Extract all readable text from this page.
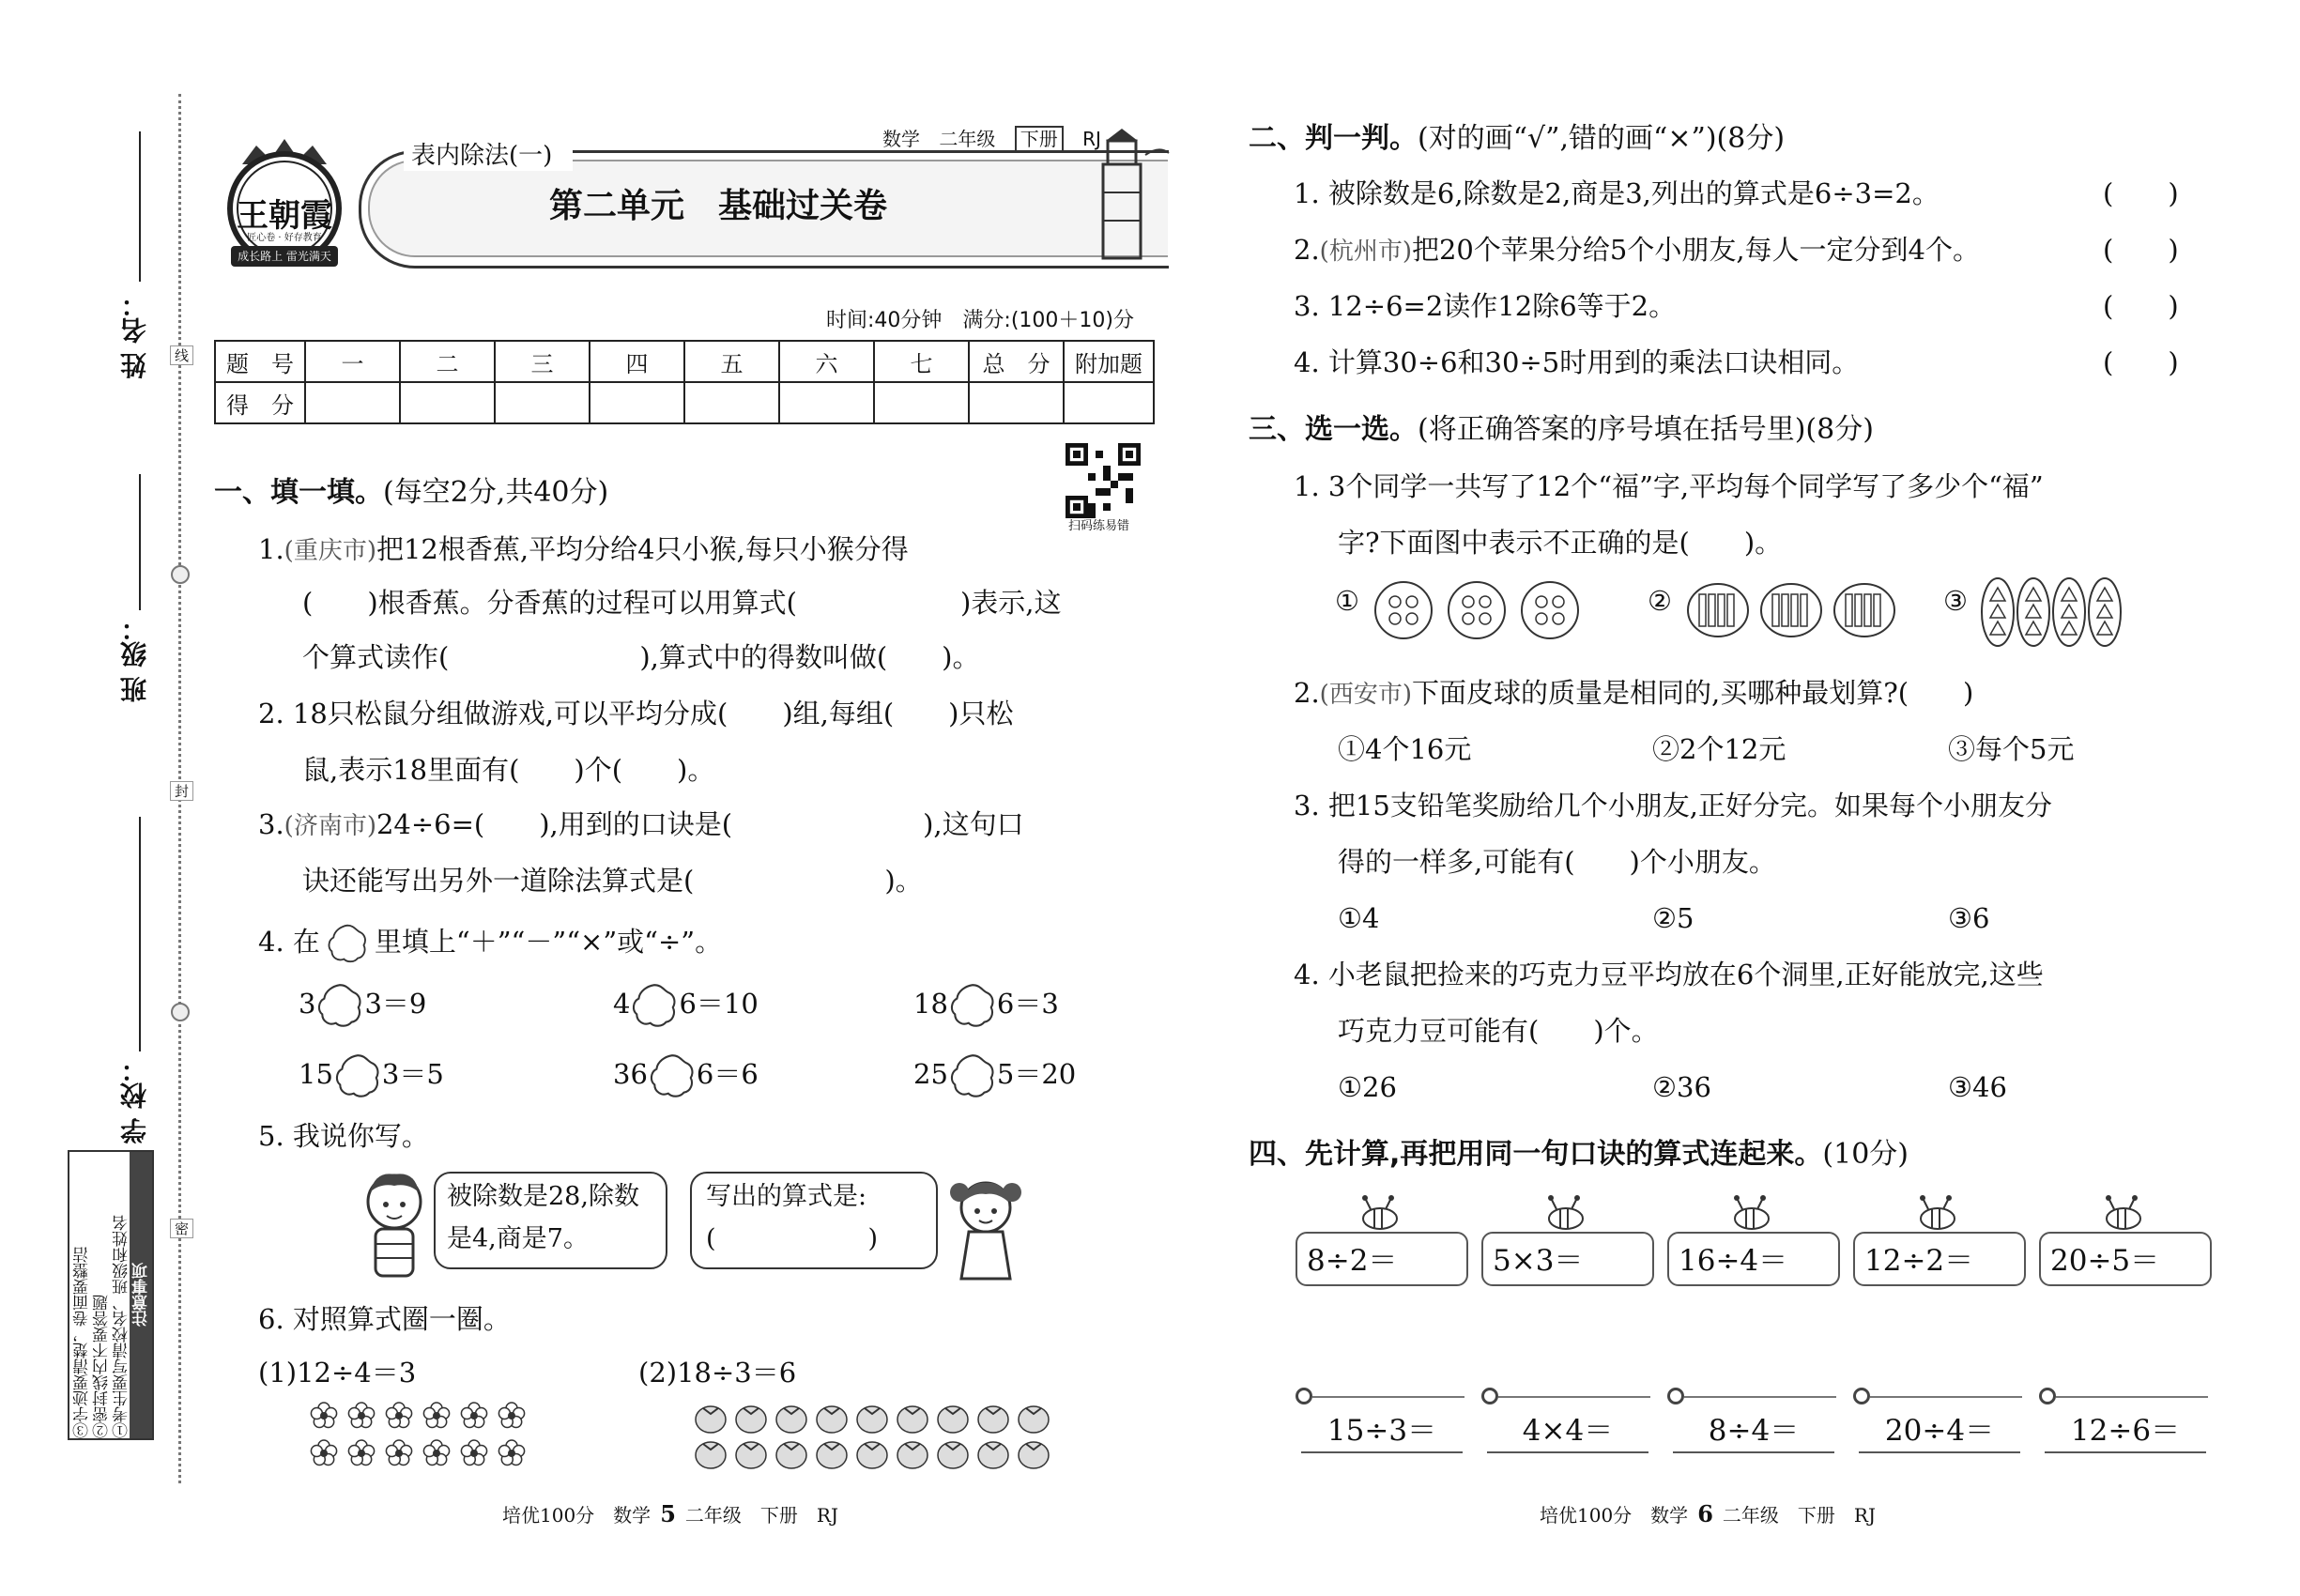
线
封
密
姓 名：
班 级：
学 校：
注意事项
①考生要写清校名、班级和姓名
②密封线内不要答题
③字迹要清楚，卷面要整洁
王朝霞
匠心卷 · 好存教育
成长路上 雷光满天
表内除法(一)
数学 二年级 下册 RJ
第二单元　基础过关卷
时间:40分钟　满分:(100＋10)分
题　号	一	二	三	四	五	六	七	总　分	附加题
得　分									
扫码练易错
一、填一填。(每空2分,共40分)
1.(重庆市)把12根香蕉,平均分给4只小猴,每只小猴分得
(　　)根香蕉。分香蕉的过程可以用算式(　　　　　　)表示,这
个算式读作(　　　　　　　),算式中的得数叫做(　　)。
2. 18只松鼠分组做游戏,可以平均分成(　　)组,每组(　　)只松
鼠,表示18里面有(　　)个(　　)。
3.(济南市)24÷6=(　　),用到的口诀是(　　　　　　　),这句口
诀还能写出另外一道除法算式是(　　　　　　　)。
4. 在 里填上“＋”“－”“×”或“÷”。
3 3＝9	4 6＝10	18 6＝3
15 3＝5	36 6＝6	25 5＝20
5. 我说你写。
被除数是28,除数
是4,商是7。
写出的算式是:
(　　　　　　)
6. 对照算式圈一圈。
(1)12÷4＝3	(2)18÷3＝6
培优100分　数学 5 二年级　下册　RJ
二、判一判。(对的画“√”,错的画“×”)(8分)
1. 被除数是6,除数是2,商是3,列出的算式是6÷3=2。	(　　)
2.(杭州市)把20个苹果分给5个小朋友,每人一定分到4个。	(　　)
3. 12÷6=2读作12除6等于2。	(　　)
4. 计算30÷6和30÷5时用到的乘法口诀相同。	(　　)
三、选一选。(将正确答案的序号填在括号里)(8分)
1. 3个同学一共写了12个“福”字,平均每个同学写了多少个“福”
字?下面图中表示不正确的是(　　)。
①	②	③
2.(西安市)下面皮球的质量是相同的,买哪种最划算?(　　)
①4个16元	②2个12元	③每个5元
3. 把15支铅笔奖励给几个小朋友,正好分完。如果每个小朋友分
得的一样多,可能有(　　)个小朋友。
①4	②5	③6
4. 小老鼠把捡来的巧克力豆平均放在6个洞里,正好能放完,这些
巧克力豆可能有(　　)个。
①26	②36	③46
四、先计算,再把用同一句口诀的算式连起来。(10分)
8÷2＝	5×3＝	16÷4＝	12÷2＝	20÷5＝
15÷3＝	4×4＝	8÷4＝	20÷4＝	12÷6＝
培优100分　数学 6 二年级　下册　RJ
